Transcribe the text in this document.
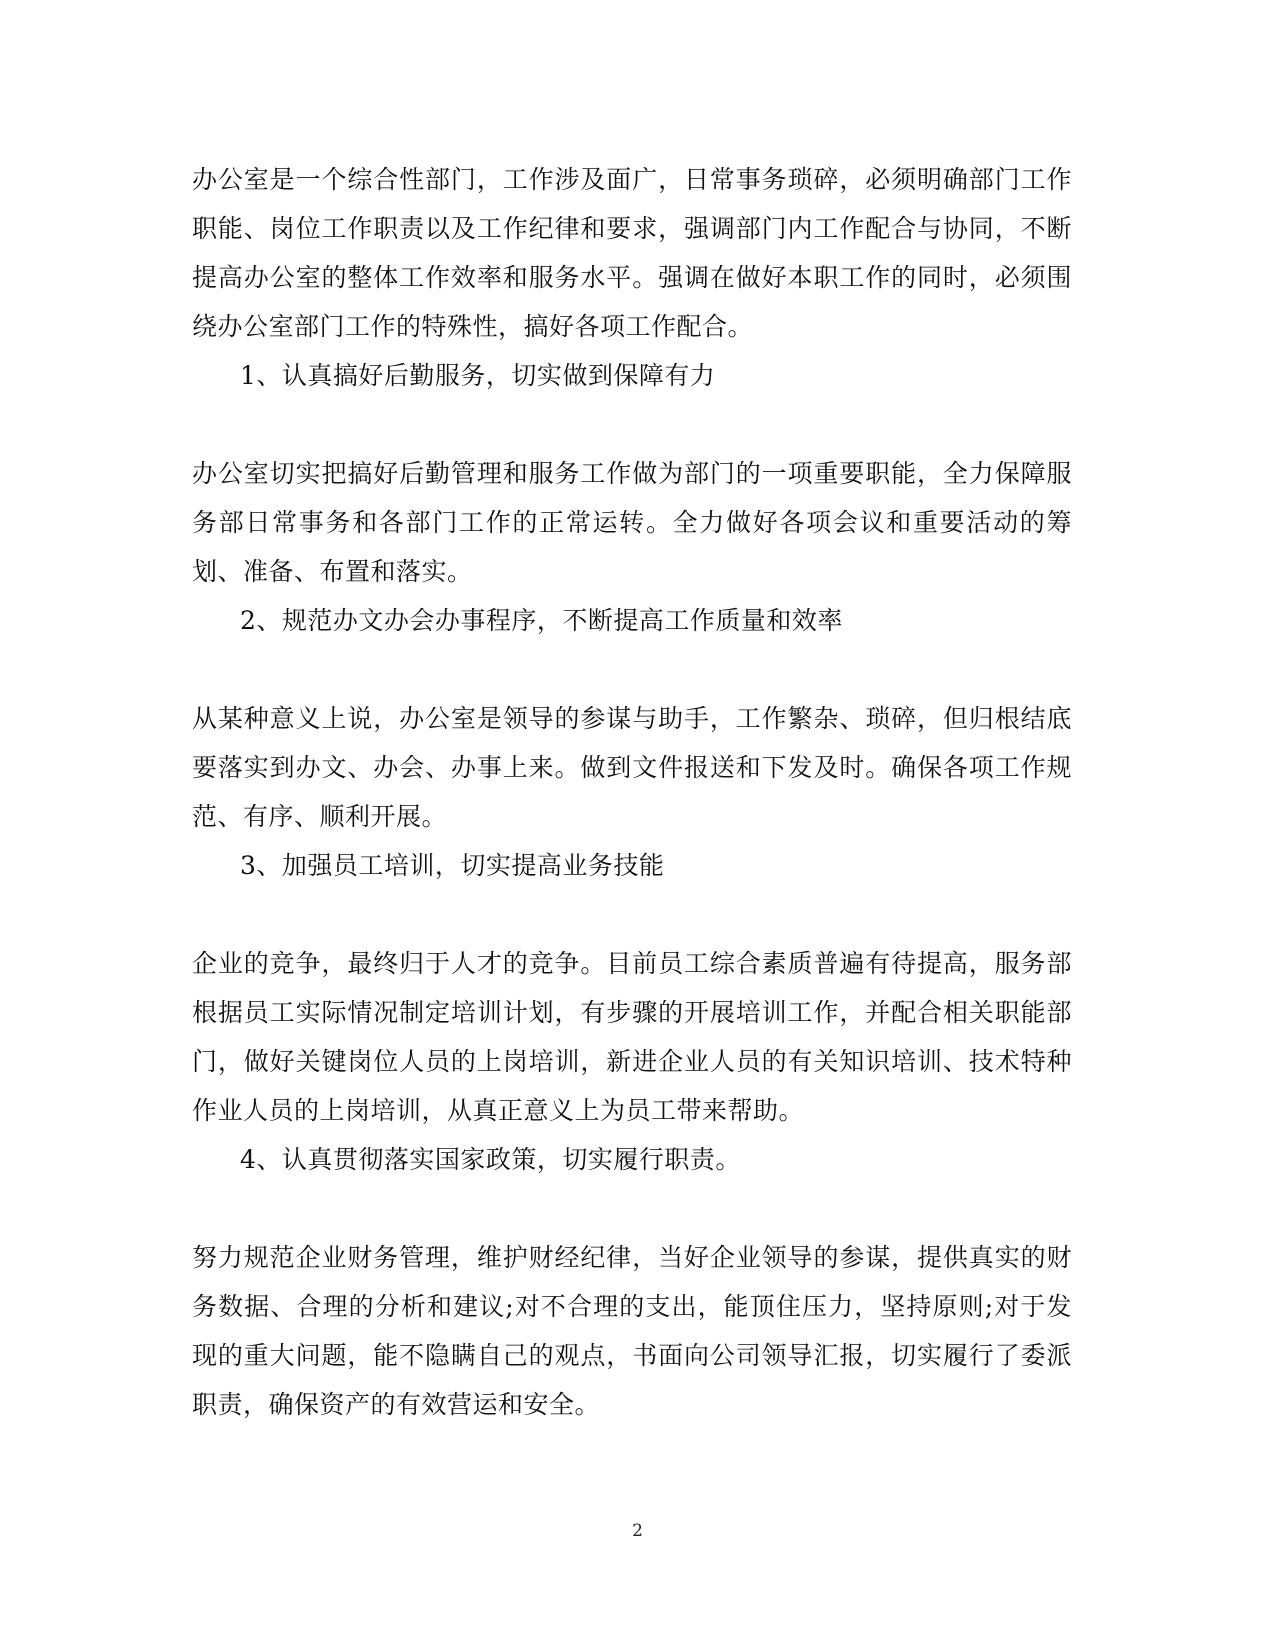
办公室是一个综合性部门，工作涉及面广，日常事务琐碎，必须明确部门工作职能、岗位工作职责以及工作纪律和要求，强调部门内工作配合与协同，不断提高办公室的整体工作效率和服务水平。强调在做好本职工作的同时，必须围绕办公室部门工作的特殊性，搞好各项工作配合。

1、认真搞好后勤服务，切实做到保障有力

办公室切实把搞好后勤管理和服务工作做为部门的一项重要职能，全力保障服务部日常事务和各部门工作的正常运转。全力做好各项会议和重要活动的筹划、准备、布置和落实。

2、规范办文办会办事程序，不断提高工作质量和效率

从某种意义上说，办公室是领导的参谋与助手，工作繁杂、琐碎，但归根结底要落实到办文、办会、办事上来。做到文件报送和下发及时。确保各项工作规范、有序、顺利开展。

3、加强员工培训，切实提高业务技能

企业的竞争，最终归于人才的竞争。目前员工综合素质普遍有待提高，服务部根据员工实际情况制定培训计划，有步骤的开展培训工作，并配合相关职能部门，做好关键岗位人员的上岗培训，新进企业人员的有关知识培训、技术特种作业人员的上岗培训，从真正意义上为员工带来帮助。

4、认真贯彻落实国家政策，切实履行职责。

努力规范企业财务管理，维护财经纪律，当好企业领导的参谋，提供真实的财务数据、合理的分析和建议;对不合理的支出，能顶住压力，坚持原则;对于发现的重大问题，能不隐瞒自己的观点，书面向公司领导汇报，切实履行了委派职责，确保资产的有效营运和安全。

2
